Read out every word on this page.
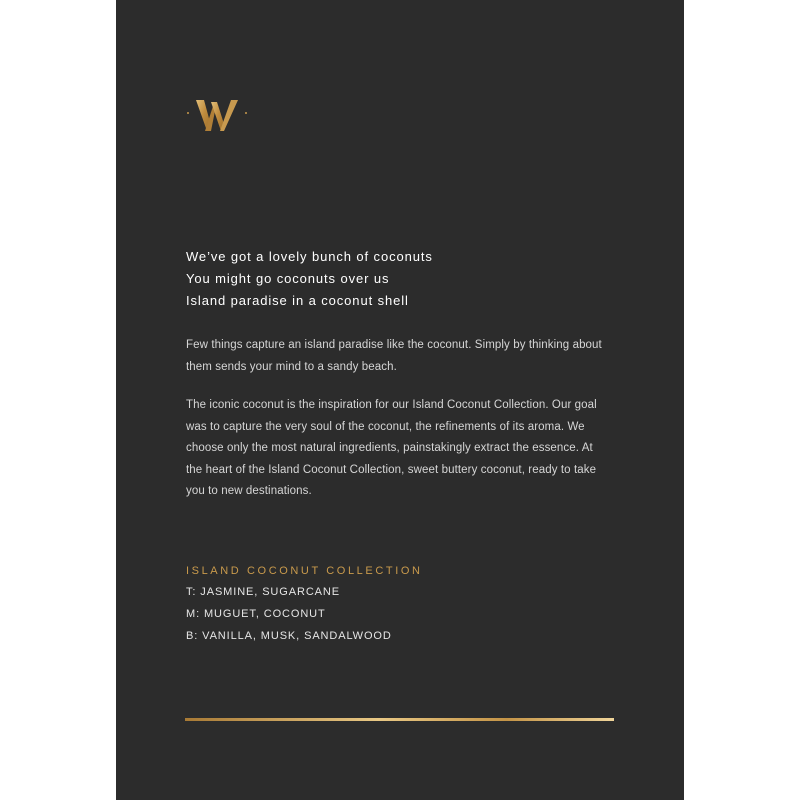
We’ve got a lovely bunch of coconuts
You might go coconuts over us
Island paradise in a coconut shell
Few things capture an island paradise like the coconut. Simply by thinking about them sends your mind to a sandy beach.
The iconic coconut is the inspiration for our Island Coconut Collection. Our goal was to capture the very soul of the coconut, the refinements of its aroma. We choose only the most natural ingredients, painstakingly extract the essence. At the heart of the Island Coconut Collection, sweet buttery coconut, ready to take you to new destinations.
ISLAND COCONUT COLLECTION
T: JASMINE, SUGARCANE
M: MUGUET, COCONUT
B: VANILLA, MUSK, SANDALWOOD
